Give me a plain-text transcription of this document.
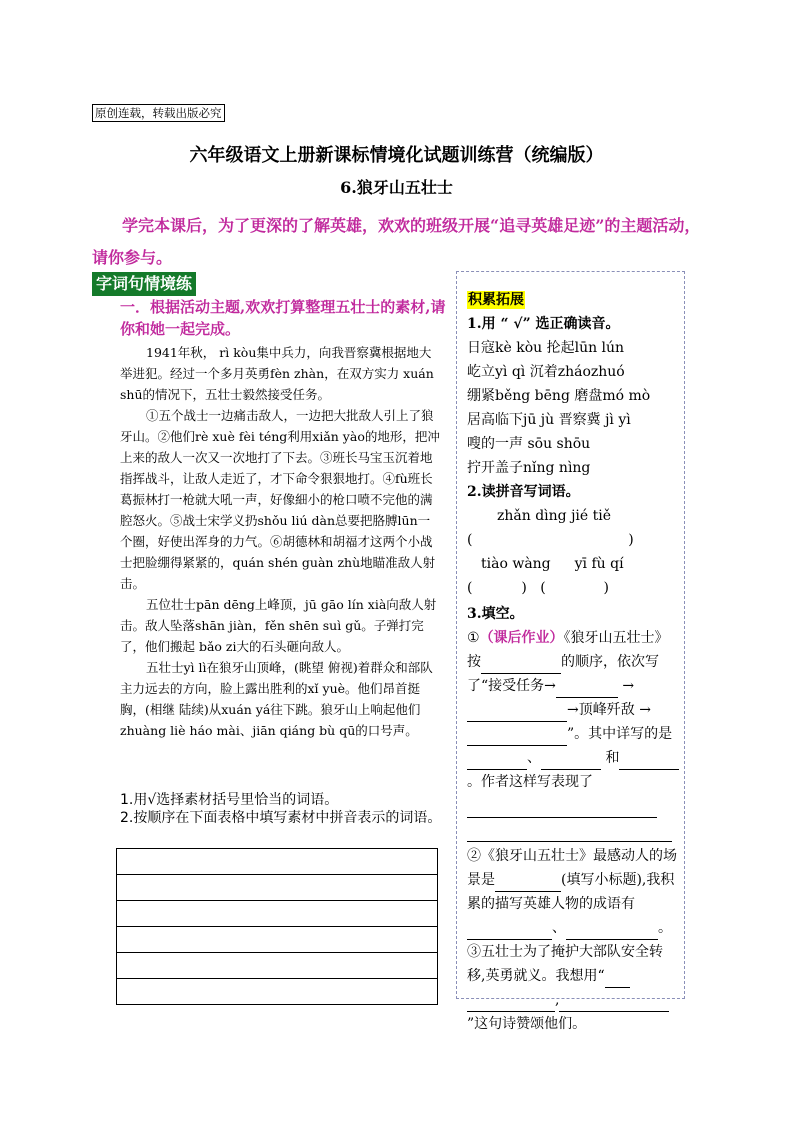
原创连载，转载出版必究
六年级语文上册新课标情境化试题训练营（统编版）
6.狼牙山五壮士
学完本课后，为了更深的了解英雄，欢欢的班级开展“追寻英雄足迹”的主题活动，请你参与。
字词句情境练
一．根据活动主题,欢欢打算整理五壮士的素材,请你和她一起完成。

1941年秋， rì kòu集中兵力，向我晋察冀根据地大举进犯。经过一个多月英勇fèn zhàn，在双方实力 xuán shū的情况下，五壮士毅然接受任务。

①五个战士一边痛击敌人，一边把大批敌人引上了狼牙山。②他们rè xuè fèi téng利用xiǎn yào的地形，把冲上来的敌人一次又一次地打了下去。③班长马宝玉沉着地指挥战斗，让敌人走近了，才下命令狠狠地打。④fù班长葛振林打一枪就大吼一声，好像細小的枪口喷不完他的满腔怒火。⑤战士宋学义扔shǒu liú dàn总要把胳膊lūn一个圈，好使出浑身的力气。⑥胡德林和胡福才这两个小战士把脸绷得紧紧的，quán shén guàn zhù地瞄准敌人射击。

五位壮士pān dēng上峰顶，jū gāo lín xià向敌人射击。敌人坠落shān jiàn，fěn shēn suì gǔ。子弹打完了，他们搬起 bǎo zi大的石头砸向敌人。

五壮士yì lì在狼牙山顶峰，(眺望 俯视)着群众和部队主力远去的方向，脸上露出胜利的xǐ yuè。他们昂首挺胸，(相继 陆续)从xuán yá往下跳。狼牙山上响起他们zhuàng liè háo mài、jiān qiáng bù qū的口号声。

1.用√选择素材括号里恰当的词语。
2.按顺序在下面表格中填写素材中拼音表示的词语。

积累拓展
1.用 “ √” 选正确读音。
日寇kè kòu 抡起lūn lún
屹立yì qì 沉着zháozhuó
绷紧běng bēng 磨盘mó mò
居高临下jū jù 晋察冀 jì yì
嗖的一声 sōu shōu
拧开盖子nǐng nìng
2.读拼音写词语。
zhǎn dìng jié tiě
(                                   )
tiào wàng yī fù qí
(           )   (             )
3.填空。
①（课后作业）《狼牙山五壮士》按	的顺序，依次写了“接受任务→	→→顶峰歼敌 →”。其中详写的是、	和。作者这样写表现了
②《狼牙山五壮士》最感动人的场景是	(填写小标题),我积累的描写英雄人物的成语有、	。
③五壮士为了掩护大部队安全转移,英勇就义。我想用“ , ”这句诗赞颂他们。
